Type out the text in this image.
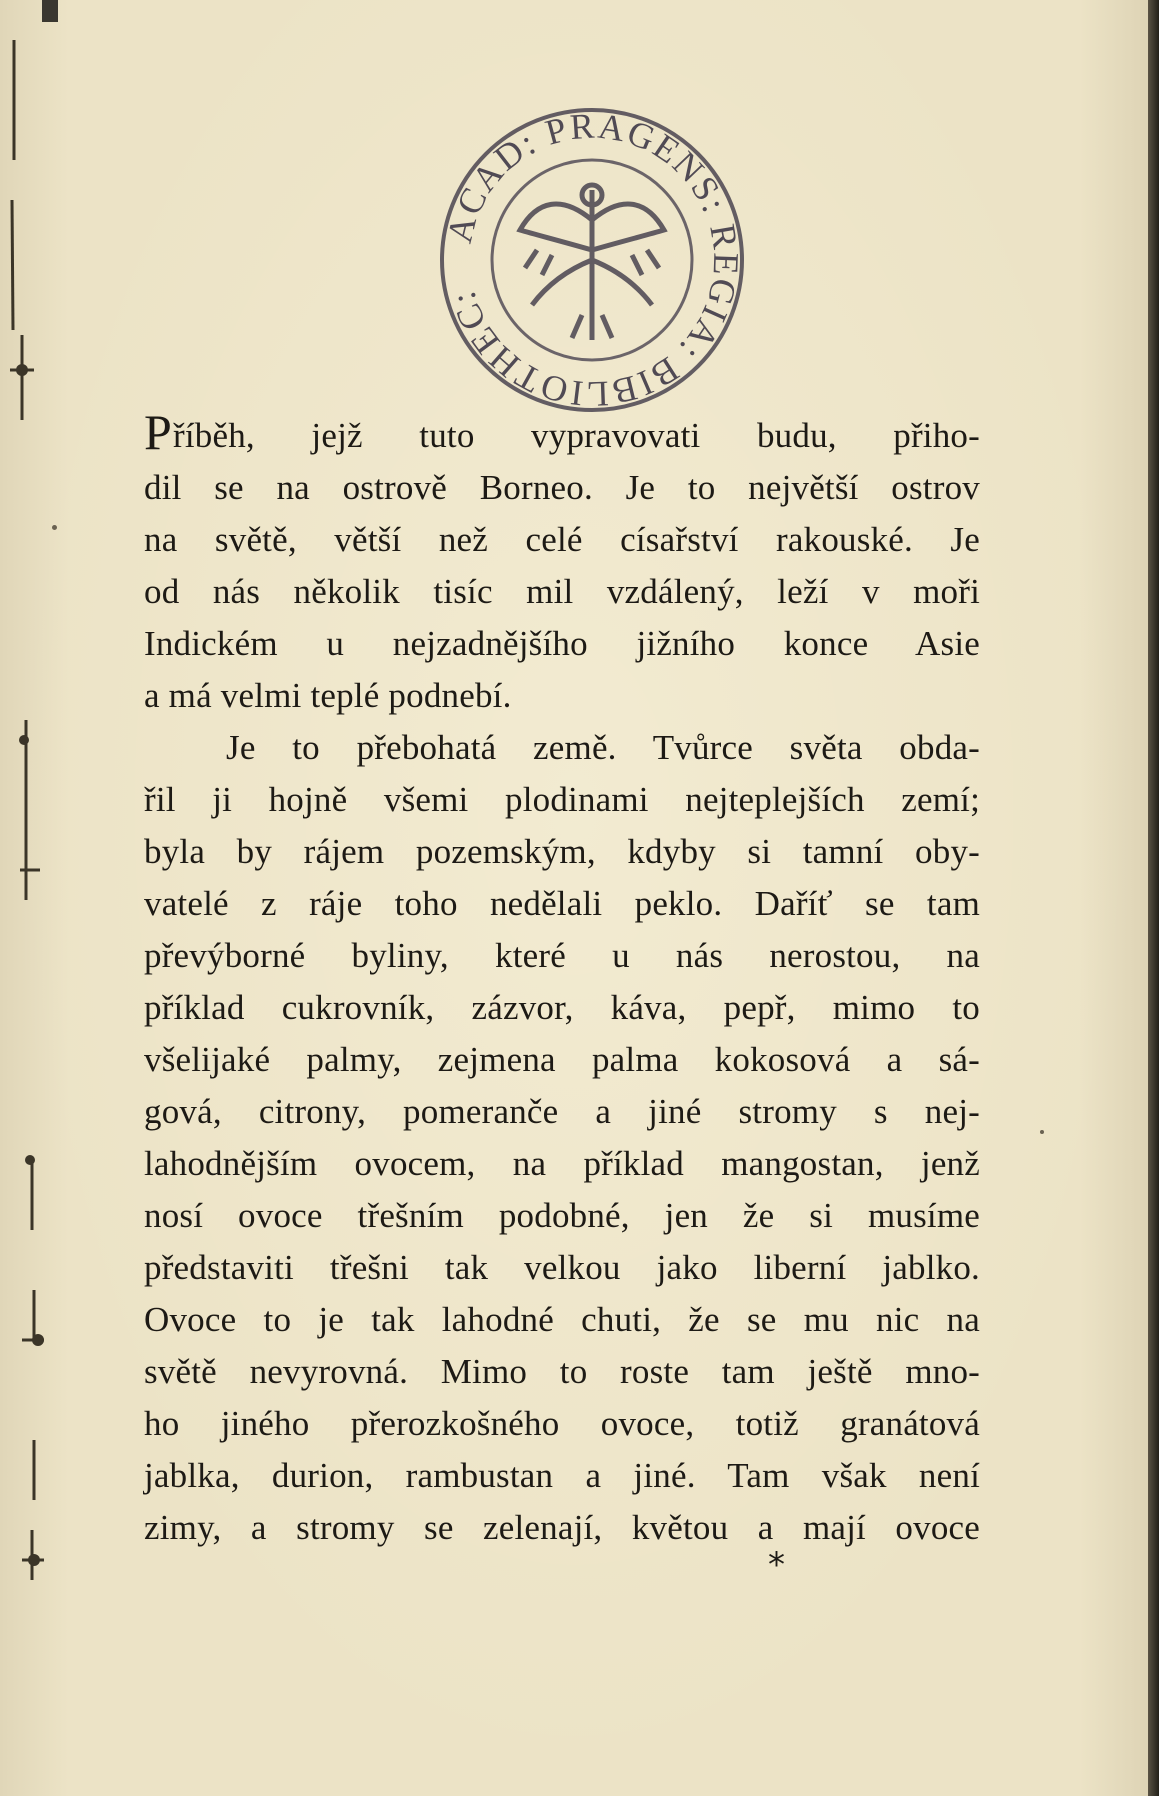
ACAD: PRAGENS: REGIA: BIBLIOTHEC:
Příběh, jejž tuto vypravovati budu, přiho-
dil se na ostrově Borneo. Je to největší ostrov
na světě, větší než celé císařství rakouské. Je
od nás několik tisíc mil vzdálený, leží v moři
Indickém u nejzadnějšího jižního konce Asie
a má velmi teplé podnebí.
Je to přebohatá země. Tvůrce světa obda-
řil ji hojně všemi plodinami nejteplejších zemí;
byla by rájem pozemským, kdyby si tamní oby-
vatelé z ráje toho nedělali peklo. Daříť se tam
převýborné byliny, které u nás nerostou, na
příklad cukrovník, zázvor, káva, pepř, mimo to
všelijaké palmy, zejmena palma kokosová a sá-
gová, citrony, pomeranče a jiné stromy s nej-
lahodnějším ovocem, na příklad mangostan, jenž
nosí ovoce třešním podobné, jen že si musíme
představiti třešni tak velkou jako liberní jablko.
Ovoce to je tak lahodné chuti, že se mu nic na
světě nevyrovná. Mimo to roste tam ještě mno-
ho jiného přerozkošného ovoce, totiž granátová
jablka, durion, rambustan a jiné. Tam však není
zimy, a stromy se zelenají, květou a mají ovoce
*
